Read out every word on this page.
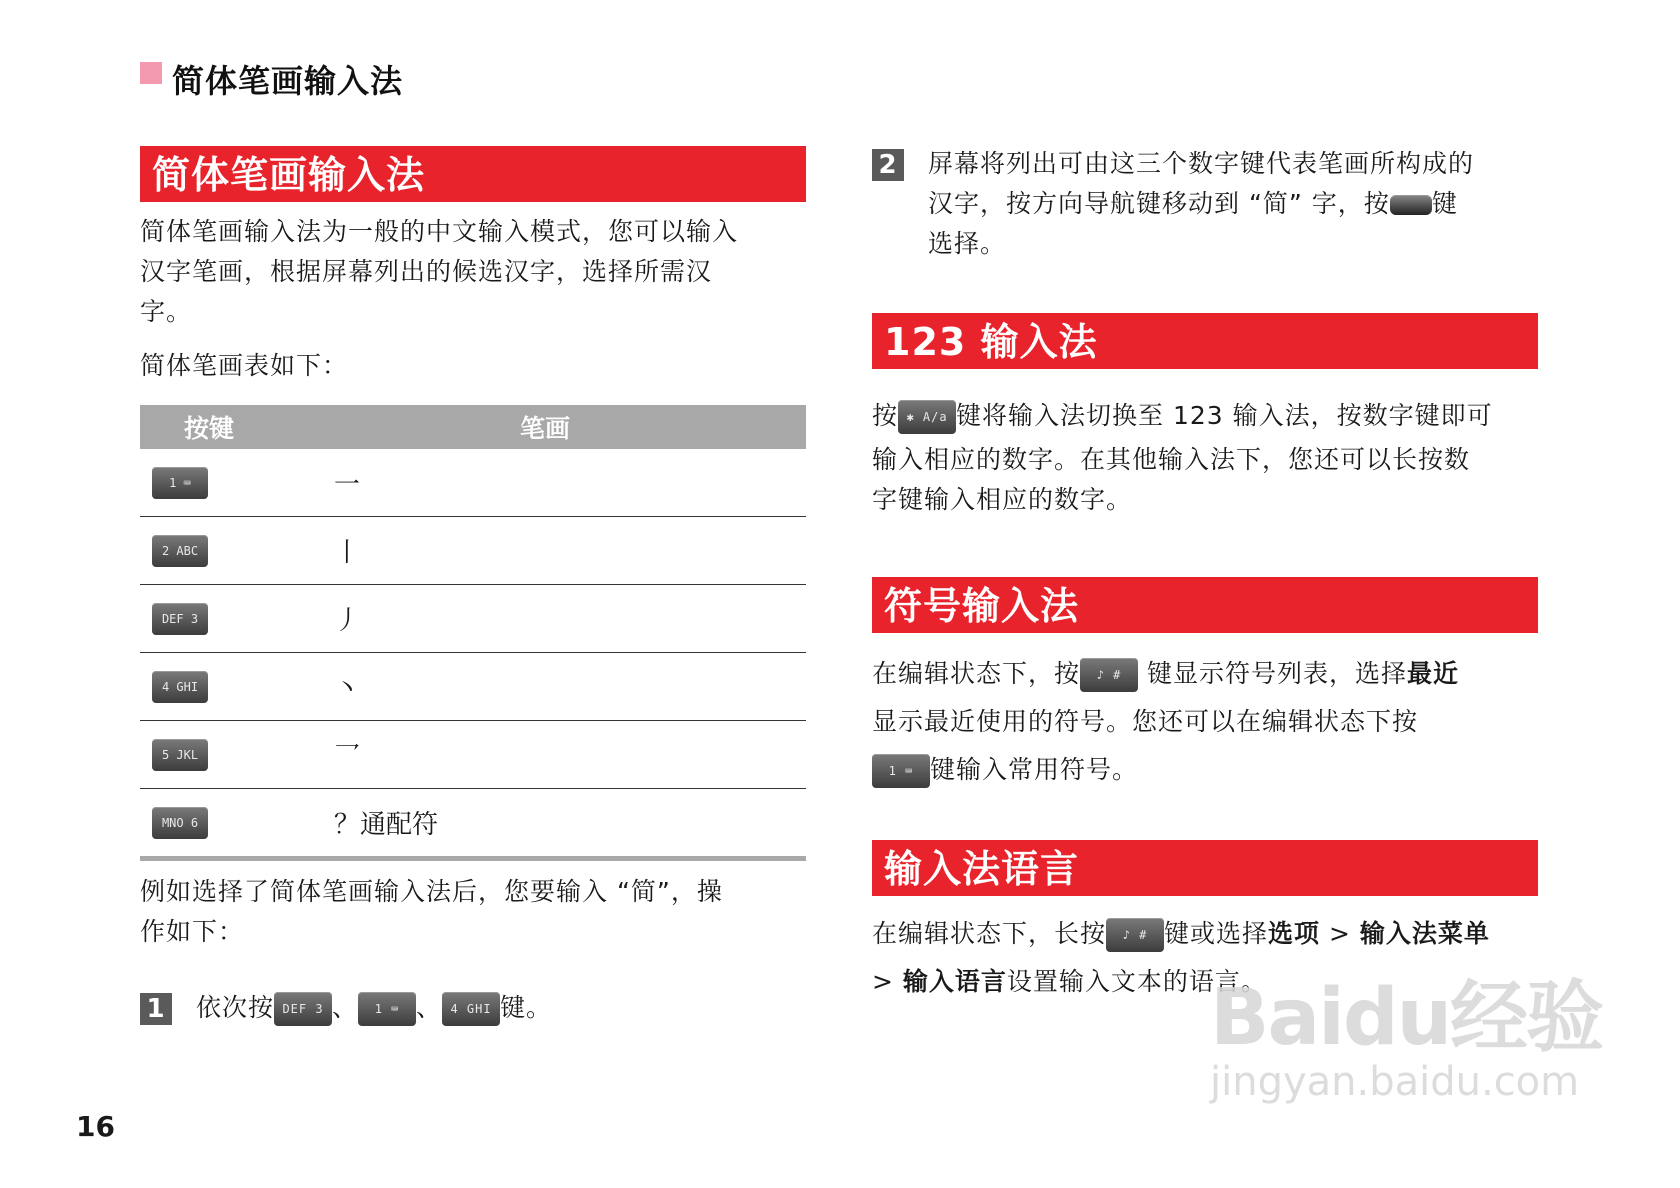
简体笔画输入法
简体笔画输入法
简体笔画输入法为一般的中文输入模式，您可以输入
汉字笔画，根据屏幕列出的候选汉字，选择所需汉
字。
简体笔画表如下：
按键	笔画
1 ⌨	一
2 ABC	丨
DEF 3	丿
4 GHI	丶
5 JKL	乛
MNO 6	？通配符
例如选择了简体笔画输入法后，您要输入 “简”，操
作如下：
1 依次按 DEF 3 、 1 ⌨ 、 4 GHI 键。
2 屏幕将列出可由这三个数字键代表笔画所构成的
汉字，按方向导航键移动到 “简” 字，按 键
选择。
123 输入法
按 ✱ A/a 键将输入法切换至 123 输入法，按数字键即可
输入相应的数字。在其他输入法下，您还可以长按数
字键输入相应的数字。
符号输入法
在编辑状态下，按 ♪ # 键显示符号列表，选择最近
显示最近使用的符号。您还可以在编辑状态下按
1 ⌨ 键输入常用符号。
输入法语言
在编辑状态下，长按 ♪ # 键或选择选项 > 输入法菜单
> 输入语言设置输入文本的语言。
16
Baidu经验
jingyan.baidu.com
